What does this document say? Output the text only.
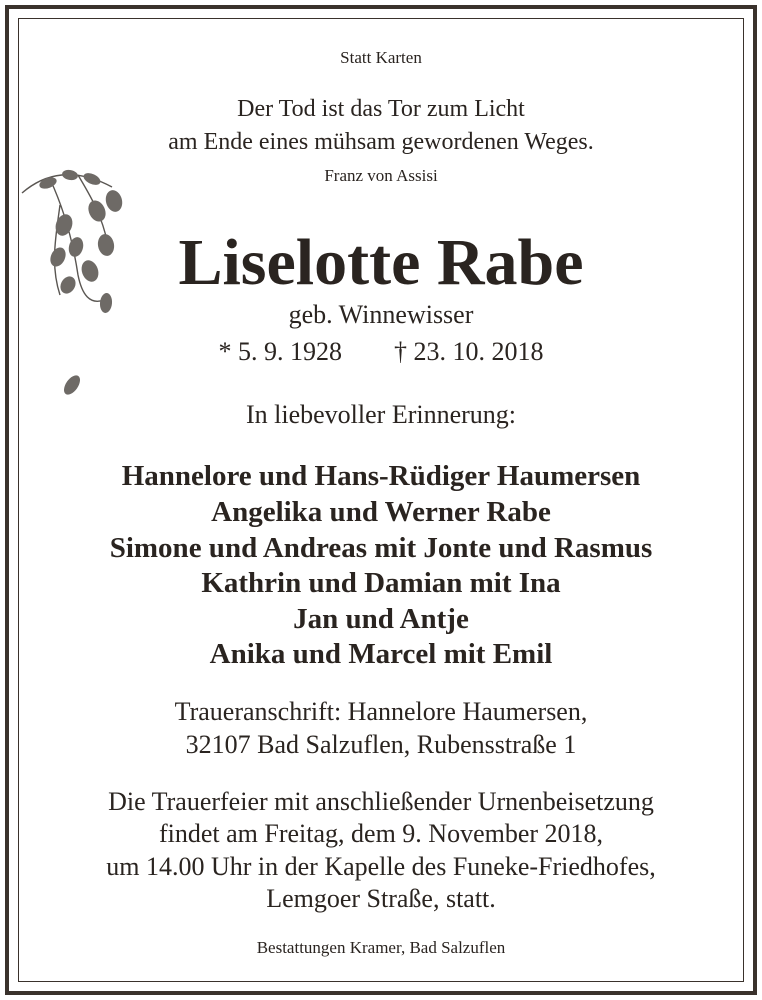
Statt Karten
Der Tod ist das Tor zum Licht
am Ende eines mühsam gewordenen Weges.
Franz von Assisi
Liselotte Rabe
geb. Winnewisser
* 5. 9. 1928 † 23. 10. 2018
In liebevoller Erinnerung:
Hannelore und Hans-Rüdiger Haumersen
Angelika und Werner Rabe
Simone und Andreas mit Jonte und Rasmus
Kathrin und Damian mit Ina
Jan und Antje
Anika und Marcel mit Emil
Traueranschrift: Hannelore Haumersen,
32107 Bad Salzuflen, Rubensstraße 1
Die Trauerfeier mit anschließender Urnenbeisetzung
findet am Freitag, dem 9. November 2018,
um 14.00 Uhr in der Kapelle des Funeke-Friedhofes,
Lemgoer Straße, statt.
Bestattungen Kramer, Bad Salzuflen
